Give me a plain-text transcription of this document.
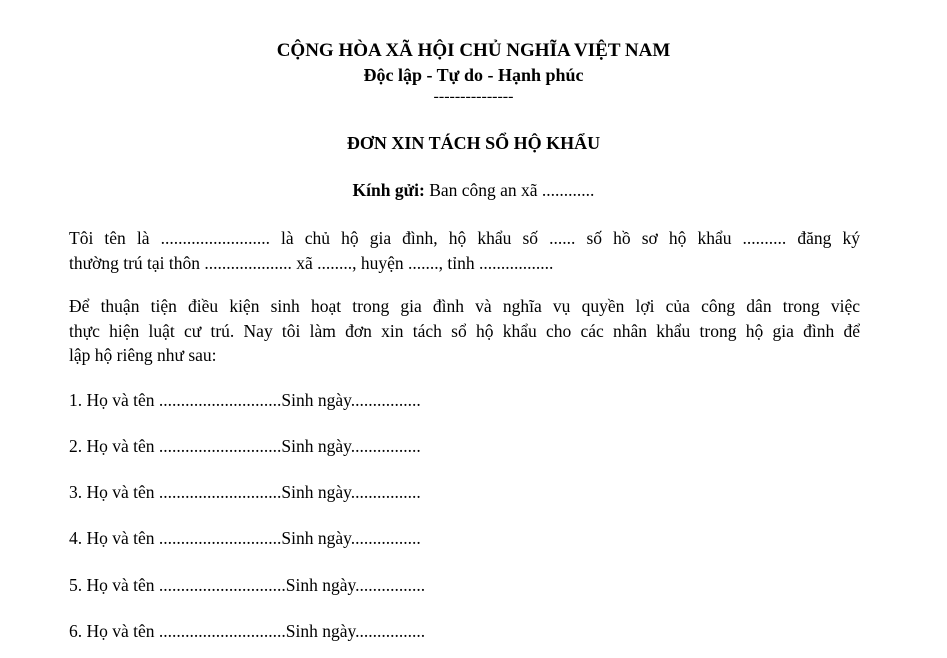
CỘNG HÒA XÃ HỘI CHỦ NGHĨA VIỆT NAM
Độc lập - Tự do - Hạnh phúc
---------------
ĐƠN XIN TÁCH SỔ HỘ KHẨU
Kính gửi: Ban công an xã ............
Tôi tên là ......................... là chủ hộ gia đình, hộ khẩu số ...... số hồ sơ hộ khẩu .......... đăng ký
thường trú tại thôn .................... xã ........, huyện ......., tỉnh .................
Để thuận tiện điều kiện sinh hoạt trong gia đình và nghĩa vụ quyền lợi của công dân trong việc
thực hiện luật cư trú. Nay tôi làm đơn xin tách sổ hộ khẩu cho các nhân khẩu trong hộ gia đình để
lập hộ riêng như sau:
1. Họ và tên ............................Sinh ngày................
2. Họ và tên ............................Sinh ngày................
3. Họ và tên ............................Sinh ngày................
4. Họ và tên ............................Sinh ngày................
5. Họ và tên .............................Sinh ngày................
6. Họ và tên .............................Sinh ngày................
